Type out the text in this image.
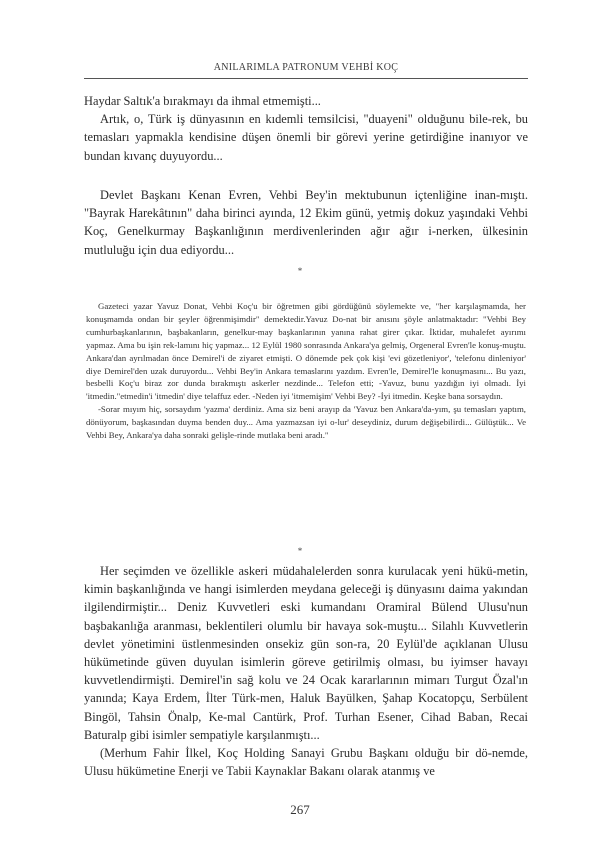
ANILARIMLA PATRONUM VEHBİ KOÇ

Haydar Saltık'a bırakmayı da ihmal etmemişti...

Artık, o, Türk iş dünyasının en kıdemli temsilcisi, "duayeni" olduğunu bile-rek, bu temasları yapmakla kendisine düşen önemli bir görevi yerine getirdiğine inanıyor ve bundan kıvanç duyuyordu...

Devlet Başkanı Kenan Evren, Vehbi Bey'in mektubunun içtenliğine inan-mıştı. "Bayrak Harekâtının" daha birinci ayında, 12 Ekim günü, yetmiş dokuz yaşındaki Vehbi Koç, Genelkurmay Başkanlığının merdivenlerinden ağır ağır i-nerken, ülkesinin mutluluğu için dua ediyordu...

*

Gazeteci yazar Yavuz Donat, Vehbi Koç'u bir öğretmen gibi gördüğünü söylemekte ve, "her karşılaşmamda, her konuşmamda ondan bir şeyler öğrenmişimdir" demektedir.Yavuz Do-nat bir anısını şöyle anlatmaktadır: "Vehbi Bey cumhurbaşkanlarının, başbakanların, genelkur-may başkanlarının yanına rahat girer çıkar. İktidar, muhalefet ayırımı yapmaz. Ama bu işin rek-lamını hiç yapmaz... 12 Eylül 1980 sonrasında Ankara'ya gelmiş, Orgeneral Evren'le konuş-muştu. Ankara'dan ayrılmadan önce Demirel'i de ziyaret etmişti. O dönemde pek çok kişi 'evi gözetleniyor', 'telefonu dinleniyor' diye Demirel'den uzak duruyordu... Vehbi Bey'in Ankara temaslarını yazdım. Evren'le, Demirel'le konuşmasını... Bu yazı, besbelli Koç'u biraz zor dunda bırakmıştı askerler nezdinde... Telefon etti; -Yavuz, bunu yazdığın iyi olmadı. İyi 'itmedin."etmedin'i 'itmedin' diye telaffuz eder. -Neden iyi 'itmemişim' Vehbi Bey? -İyi itmedin. Keşke bana sorsaydın.

-Sorar mıyım hiç, sorsaydım 'yazma' derdiniz. Ama siz beni arayıp da 'Yavuz ben Ankara'da-yım, şu temasları yaptım, dönüyorum, başkasından duyma benden duy... Ama yazmazsan iyi o-lur' deseydiniz, durum değişebilirdi... Gülüştük... Ve Vehbi Bey, Ankara'ya daha sonraki gelişle-rinde mutlaka beni aradı."

*

Her seçimden ve özellikle askeri müdahalelerden sonra kurulacak yeni hükü-metin, kimin başkanlığında ve hangi isimlerden meydana geleceği iş dünyasını daima yakından ilgilendirmiştir... Deniz Kuvvetleri eski kumandanı Oramiral Bülend Ulusu'nun başbakanlığa aranması, beklentileri olumlu bir havaya sok-muştu... Silahlı Kuvvetlerin devlet yönetimini üstlenmesinden onsekiz gün son-ra, 20 Eylül'de açıklanan Ulusu hükümetinde güven duyulan isimlerin göreve getirilmiş olması, bu iyimser havayı kuvvetlendirmişti. Demirel'in sağ kolu ve 24 Ocak kararlarının mimarı Turgut Özal'ın yanında; Kaya Erdem, İlter Türk-men, Haluk Bayülken, Şahap Kocatopçu, Serbülent Bingöl, Tahsin Önalp, Ke-mal Cantürk, Prof. Turhan Esener, Cihad Baban, Recai Baturalp gibi isimler sempatiyle karşılanmıştı...

(Merhum Fahir İlkel, Koç Holding Sanayi Grubu Başkanı olduğu bir dö-nemde, Ulusu hükümetine Enerji ve Tabii Kaynaklar Bakanı olarak atanmış ve

267
